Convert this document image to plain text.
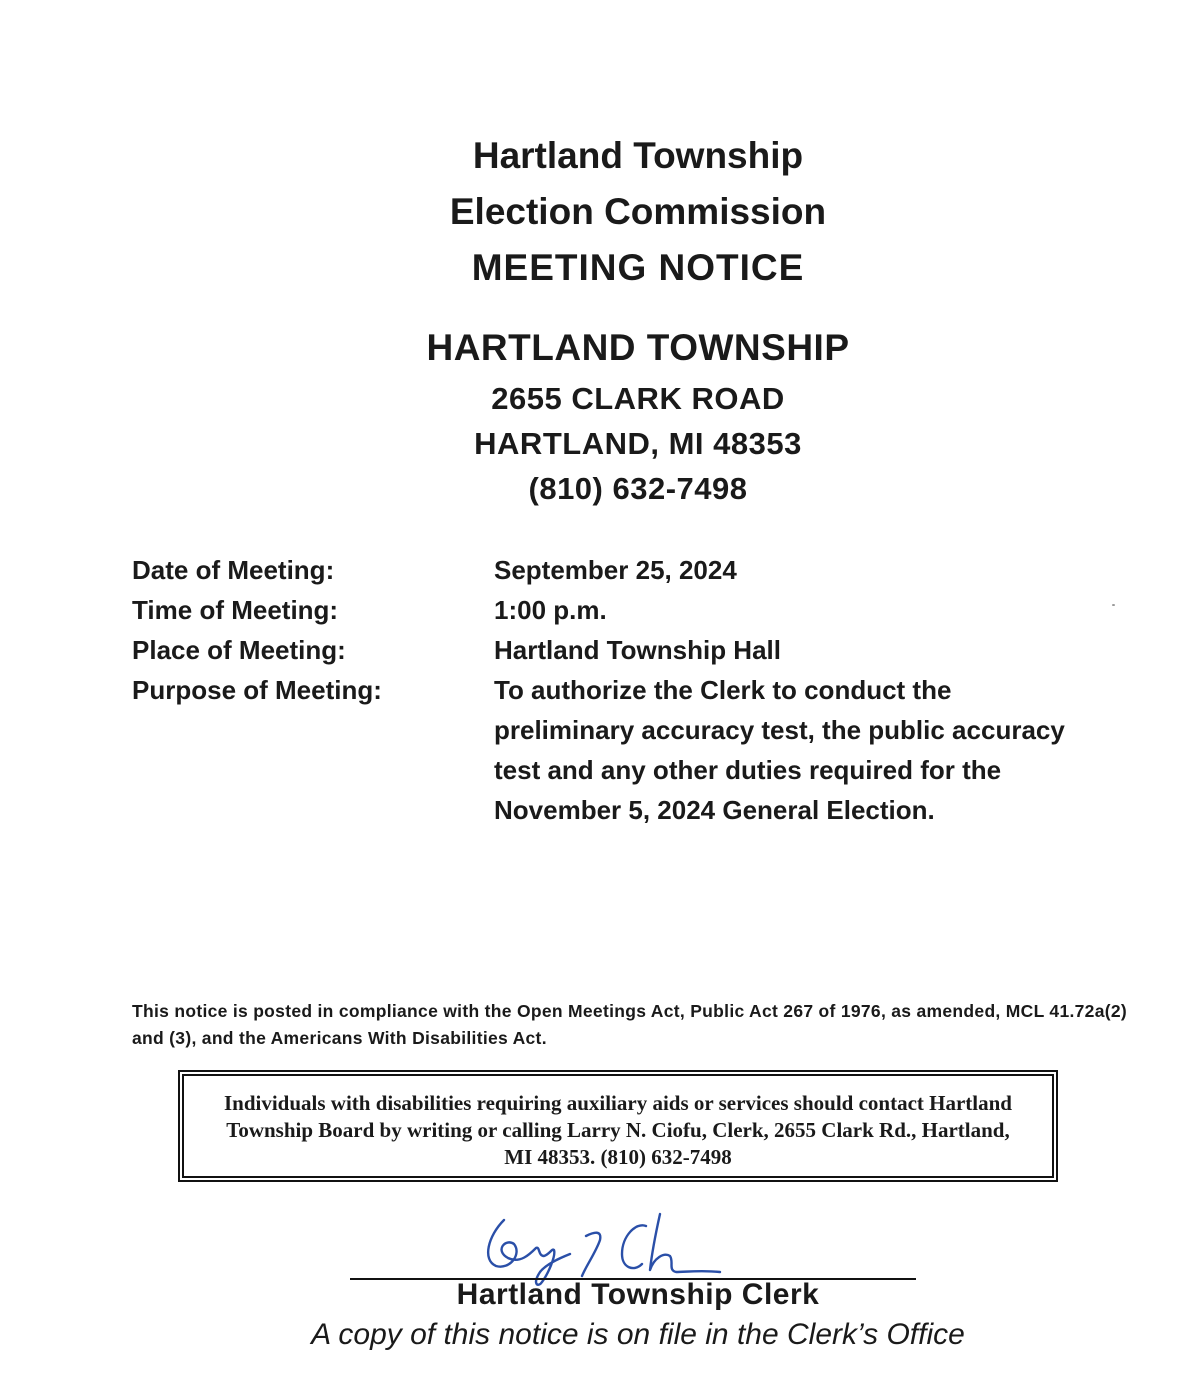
Hartland Township
Election Commission
MEETING NOTICE
HARTLAND TOWNSHIP
2655 CLARK ROAD
HARTLAND, MI 48353
(810) 632-7498
Date of Meeting:	September 25, 2024
Time of Meeting:	1:00 p.m.
Place of Meeting:	Hartland Township Hall
Purpose of Meeting:	To authorize the Clerk to conduct the preliminary accuracy test, the public accuracy test and any other duties required for the November 5, 2024 General Election.
This notice is posted in compliance with the Open Meetings Act, Public Act 267 of 1976, as amended, MCL 41.72a(2) and (3), and the Americans With Disabilities Act.
Individuals with disabilities requiring auxiliary aids or services should contact Hartland Township Board by writing or calling Larry N. Ciofu, Clerk, 2655 Clark Rd., Hartland, MI 48353. (810) 632-7498
Hartland Township Clerk
A copy of this notice is on file in the Clerk’s Office
